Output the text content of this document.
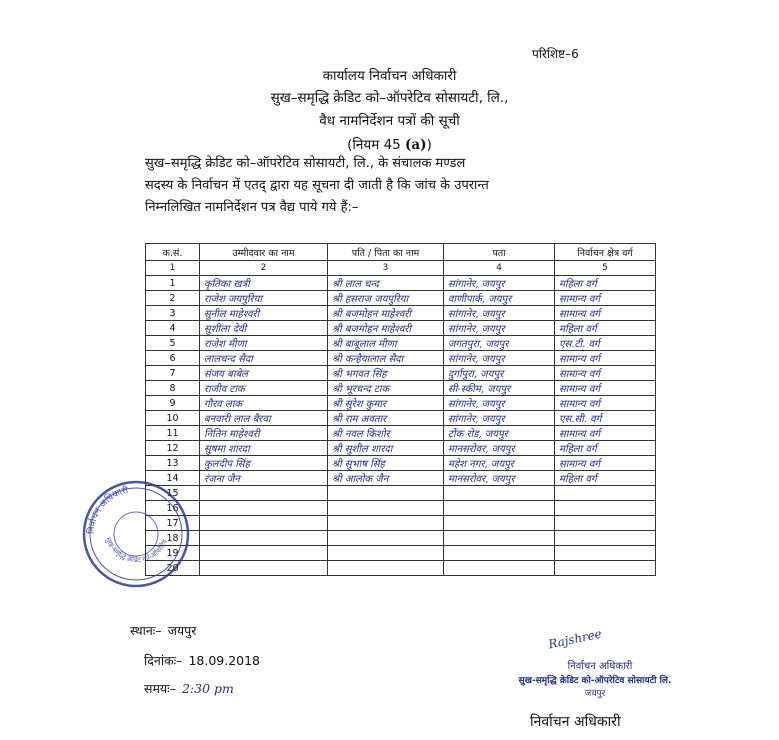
परिशिष्ट–6
कार्यालय निर्वाचन अधिकारी
सुख–समृद्धि क्रेडिट को–ऑपरेटिव सोसायटी, लि.,
वैध नामनिर्देशन पत्रों की सूची
(नियम 45 (a))
सुख–समृद्धि क्रेडिट को–ऑपरेटिव सोसायटी, लि., के संचालक मण्डल
सदस्य के निर्वाचन में एतद् द्वारा यह सूचना दी जाती है कि जांच के उपरान्त
निम्नलिखित नामनिर्देशन पत्र वैद्य पाये गये हैं:–
क.सं.	उम्मीदवार का नाम	पति / पिता का नाम	पता	निर्वाचन क्षेत्र वर्ग
1	2	3	4	5
1	कृतिका खत्री	श्री लाल चन्द	सांगानेर, जयपुर	महिला वर्ग
2	राजेश जयपुरिया	श्री हसराज जयपुरिया	वाणीपार्क, जयपुर	सामान्य वर्ग
3	सुनील माहेश्वरी	श्री बजमोहन माहेश्वरी	सांगानेर, जयपुर	सामान्य वर्ग
4	सुशीला देवी	श्री बजमोहन माहेश्वरी	सांगानेर, जयपुर	महिला वर्ग
5	राजेश मीणा	श्री बाबूलाल मीणा	जगतपुरा, जयपुर	एस.टी. वर्ग
6	लालचन्द सैदा	श्री कन्हैयालाल सैदा	सांगानेर, जयपुर	सामान्य वर्ग
7	संजय बाबेल	श्री भगवत सिंह	दुर्गापुरा, जयपुर	सामान्य वर्ग
8	राजीव टाक	श्री भूरचन्द टाक	सी-स्कीम, जयपुर	सामान्य वर्ग
9	गौरव लाक	श्री सुरेश कुमार	सांगानेर, जयपुर	सामान्य वर्ग
10	बनवारी लाल बैरवा	श्री राम अवतार	सांगानेर, जयपुर	एस.सी. वर्ग
11	नितिन माहेश्वरी	श्री नवल किशोर	टोंक रोड, जयपुर	सामान्य वर्ग
12	सुषमा शारदा	श्री सुशील शारदा	मानसरोवर, जयपुर	महिला वर्ग
13	कुलदीप सिंह	श्री सुभाष सिंह	महेश नगर, जयपुर	सामान्य वर्ग
14	रंजना जैन	श्री आलोक जैन	मानसरोवर, जयपुर	महिला वर्ग
15				
16				
17				
18				
19				
20				
स्थानः– जयपुर
दिनांकः– 18.09.2018
समयः– 2:30 pm
Rajshree
निर्वाचन अधिकारी
सुख-समृद्धि क्रेडिट को-ऑपरेटिव सोसायटी लि.
जयपुर
निर्वाचन अधिकारी
निर्वाचन अधिकारी
सुख-समृद्धि क्रेडिट को-ऑपरेटिव
